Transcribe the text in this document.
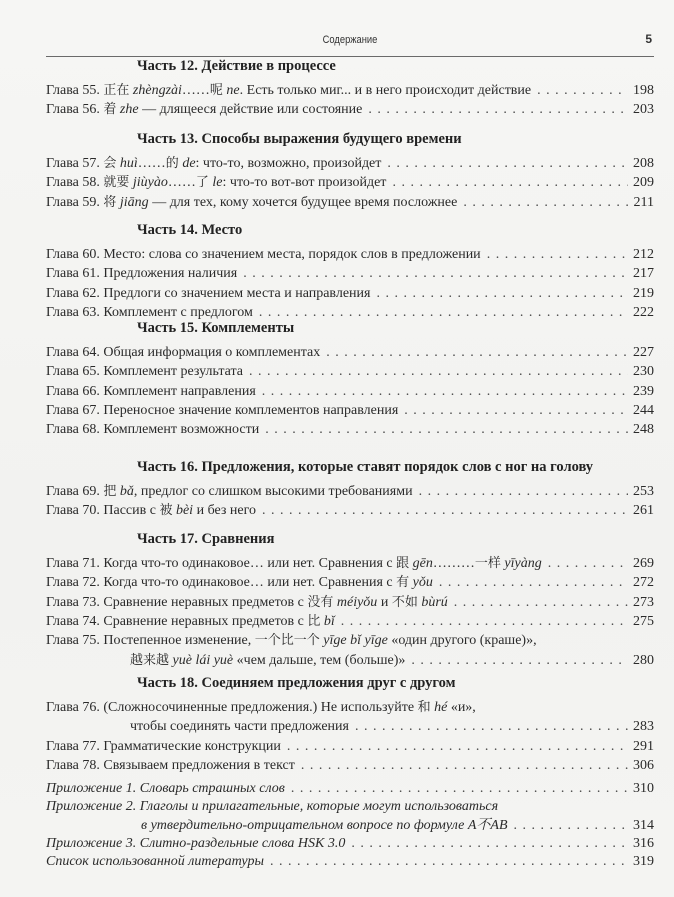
Содержание	5
Часть 12. Действие в процессе
Глава 55. 正在 zhèngzài……呢 ne. Есть только миг... и в него происходит действие . . .	198
Глава 56. 着 zhe — длящееся действие или состояние . . .	203
Часть 13. Способы выражения будущего времени
Глава 57. 会 huì……的 de: что-то, возможно, произойдет . . .	208
Глава 58. 就要 jiùyào……了 le: что-то вот-вот произойдет . . .	209
Глава 59. 将 jiāng — для тех, кому хочется будущее время посложнее . . .	211
Часть 14. Место
Глава 60. Место: слова со значением места, порядок слов в предложении . . .	212
Глава 61. Предложения наличия . . .	217
Глава 62. Предлоги со значением места и направления . . .	219
Глава 63. Комплемент с предлогом . . .	222
Часть 15. Комплементы
Глава 64. Общая информация о комплементах . . .	227
Глава 65. Комплемент результата . . .	230
Глава 66. Комплемент направления . . .	239
Глава 67. Переносное значение комплементов направления . . .	244
Глава 68. Комплемент возможности . . .	248
Часть 16. Предложения, которые ставят порядок слов с ног на голову
Глава 69. 把 bǎ, предлог со слишком высокими требованиями . . .	253
Глава 70. Пассив с 被 bèi и без него . . .	261
Часть 17. Сравнения
Глава 71. Когда что-то одинаковое… или нет. Сравнения с 跟 gēn………一样 yīyàng . . .	269
Глава 72. Когда что-то одинаковое… или нет. Сравнения с 有 yǒu . . .	272
Глава 73. Сравнение неравных предметов с 没有 méiyǒu и 不如 bùrú . . .	273
Глава 74. Сравнение неравных предметов с 比 bǐ . . .	275
Глава 75. Постепенное изменение, 一个比一个 yīge bǐ yīge «один другого (краше)»,
越来越 yuè lái yuè «чем дальше, тем (больше)» . . .	280
Часть 18. Соединяем предложения друг с другом
Глава 76. (Сложносочиненные предложения.) Не используйте 和 hé «и»,
чтобы соединять части предложения . . .	283
Глава 77. Грамматические конструкции . . .	291
Глава 78. Связываем предложения в текст . . .	306
Приложение 1. Словарь страшных слов . . .	310
Приложение 2. Глаголы и прилагательные, которые могут использоваться
в утвердительно-отрицательном вопросе по формуле A不AB . . .	314
Приложение 3. Слитно-раздельные слова HSK 3.0 . . .	316
Список использованной литературы . . .	319
